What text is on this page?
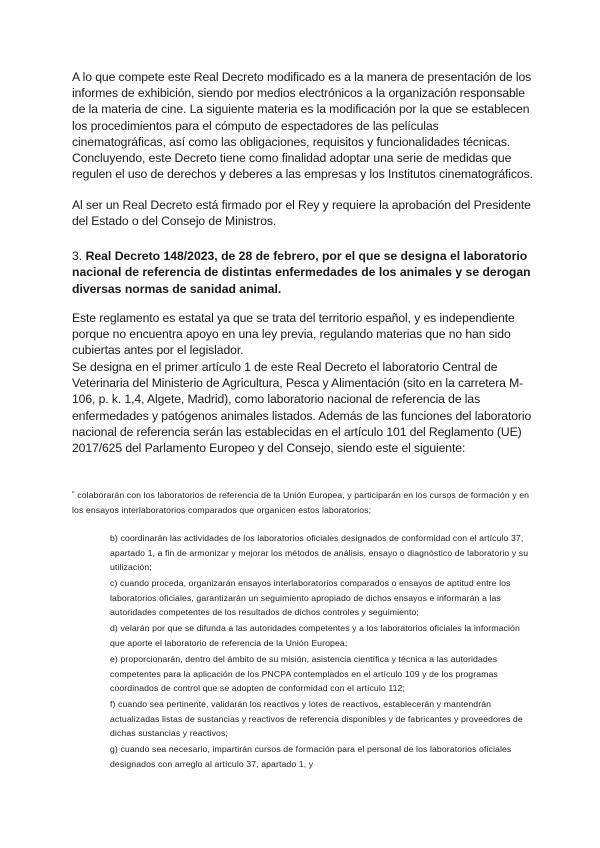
A lo que compete este Real Decreto modificado es a la manera de presentación de los informes de exhibición, siendo por medios electrónicos a la organización responsable de la materia de cine. La siguiente materia es la modificación por la que se establecen los procedimientos para el cómputo de espectadores de las películas cinematográficas, así como las obligaciones, requisitos y funcionalidades técnicas. Concluyendo, este Decreto tiene como finalidad adoptar una serie de medidas que regulen el uso de derechos y deberes a las empresas y los Institutos cinematográficos.

Al ser un Real Decreto está firmado por el Rey y requiere la aprobación del Presidente del Estado o del Consejo de Ministros.

3. Real Decreto 148/2023, de 28 de febrero, por el que se designa el laboratorio nacional de referencia de distintas enfermedades de los animales y se derogan diversas normas de sanidad animal.

Este reglamento es estatal ya que se trata del territorio español, y es independiente porque no encuentra apoyo en una ley previa, regulando materias que no han sido cubiertas antes por el legislador.

Se designa en el primer artículo 1 de este Real Decreto el laboratorio Central de Veterinaria del Ministerio de Agricultura, Pesca y Alimentación (sito en la carretera M-106, p. k. 1,4, Algete, Madrid), como laboratorio nacional de referencia de las enfermedades y patógenos animales listados. Además de las funciones del laboratorio nacional de referencia serán las establecidas en el artículo 101 del Reglamento (UE) 2017/625 del Parlamento Europeo y del Consejo, siendo este el siguiente:

“ colaborarán con los laboratorios de referencia de la Unión Europea, y participarán en los cursos de formación y en los ensayos interlaboratorios comparados que organicen estos laboratorios;

b) coordinarán las actividades de los laboratorios oficiales designados de conformidad con el artículo 37, apartado 1, a fin de armonizar y mejorar los métodos de análisis, ensayo o diagnóstico de laboratorio y su utilización;
c) cuando proceda, organizarán ensayos interlaboratorios comparados o ensayos de aptitud entre los laboratorios oficiales, garantizarán un seguimiento apropiado de dichos ensayos e informarán a las autoridades competentes de los resultados de dichos controles y seguimiento;
d) velarán por que se difunda a las autoridades competentes y a los laboratorios oficiales la información que aporte el laboratorio de referencia de la Unión Europea;
e) proporcionarán, dentro del ámbito de su misión, asistencia científica y técnica a las autoridades competentes para la aplicación de los PNCPA contemplados en el artículo 109 y de los programas coordinados de control que se adopten de conformidad con el artículo 112;
f) cuando sea pertinente, validarán los reactivos y lotes de reactivos, establecerán y mantendrán actualizadas listas de sustancias y reactivos de referencia disponibles y de fabricantes y proveedores de dichas sustancias y reactivos;
g) cuando sea necesario, impartirán cursos de formación para el personal de los laboratorios oficiales designados con arreglo al artículo 37, apartado 1, y
